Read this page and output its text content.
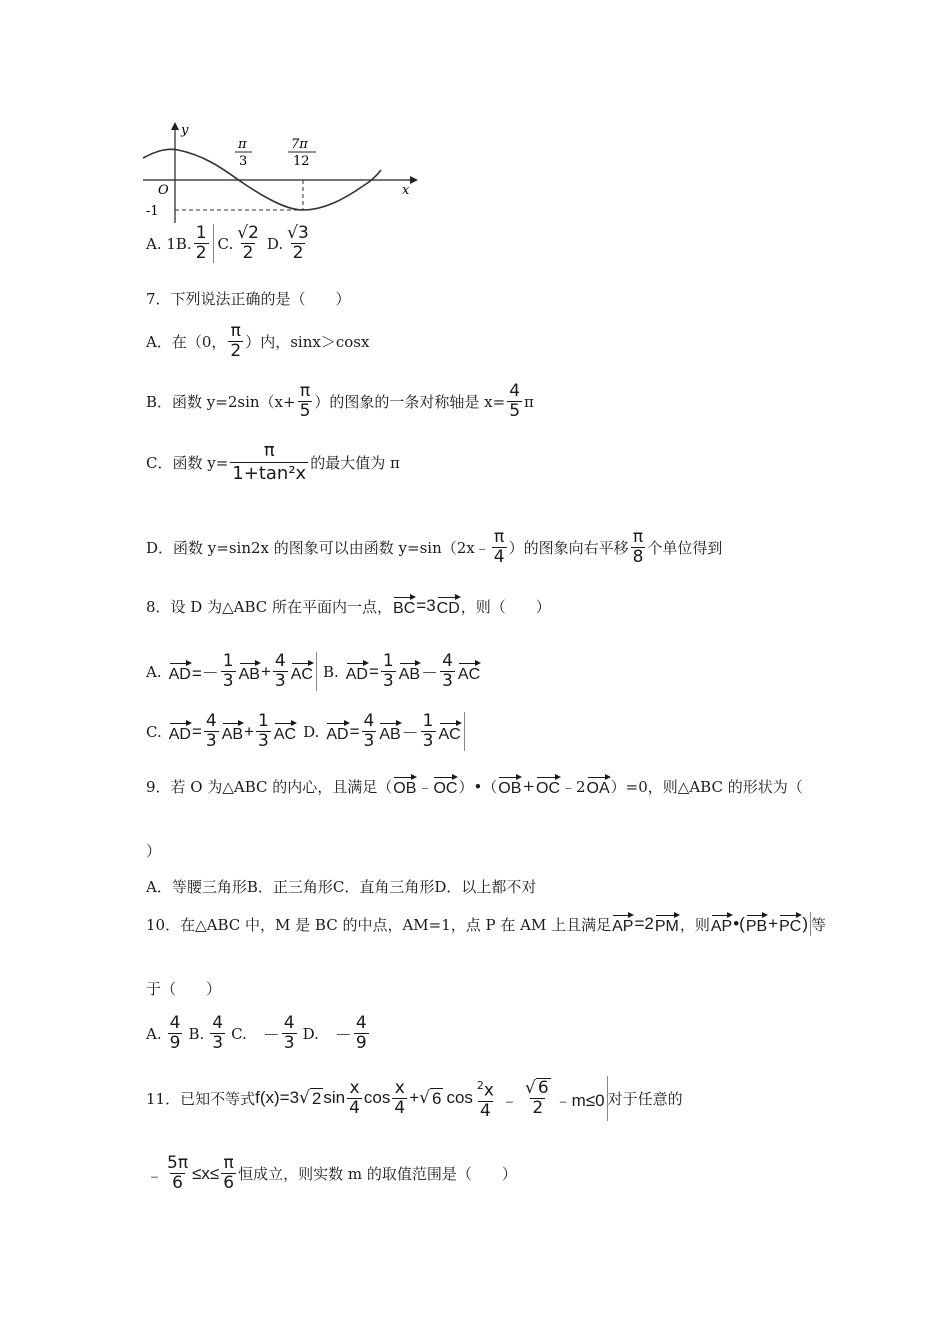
y
x
O
-1
π
3
7π
12
A. 1B. $\frac{1}{2} C$. $\frac{√2}{2} D$. $\frac{√3}{2}$
7．下列说法正确的是（　　）
A．在（0， $\frac{\pi}{2}$ ）内，sinx＞cosx
B．函数 $y=2\sin(x+ \frac{\pi}{5}$ ）的图象的一条对称轴是 $x= \frac{4}{5}$ π
C．函数 $y= \frac{\pi}{\text{1+tan²x}}$ 的最大值为 π
D．函数 y=sin2x 的图象可以由函数 y=sin（2x﹣ $\frac{\pi}{4}$ ）的图象向右平移 $\frac{\pi}{8}$ 个单位得到
8．设 D 为△ABC 所在平面内一点， BC =3 CD ，则（　　）
A. AD =－ $\frac{1}{3}$ AB + $\frac{4}{3}$ AC B. AD = $\frac{1}{3}$ AB － $\frac{4}{3}$ AC
C. AD = $\frac{4}{3}$ AB + $\frac{1}{3}$ AC D. AD = $\frac{4}{3}$ AB － $\frac{1}{3}$ AC
9．若 O 为△ABC 的内心，且满足（ OB ﹣ OC ）•（ OB + OC ﹣2 OA ）=0，则△ABC 的形状为（
）
A．等腰三角形B．正三角形C．直角三角形D．以上都不对
10．在△ABC 中，M 是 BC 的中点，AM=1，点 P 在 AM 上且满足 AP =2 PM ，则 AP •( PB + PC ) 等
于（　　）
A. $\frac{4}{9} B$. $\frac{4}{3} C$. － $\frac{4}{3} D$. － $\frac{4}{9}$
11．已知不等式 f(x)=3 √ 2 $\sin \frac{x}{4}$ $\cos \frac{x}{4}$ + √ 6 $\cos \frac{^2x}{4}$ ﹣ $\frac{√ 6}{2}$ ﹣m≤0 对于任意的
﹣ $\frac{5\pi}{6} \le x\le \frac{\pi}{6}$ 恒成立，则实数 m 的取值范围是（　　）
